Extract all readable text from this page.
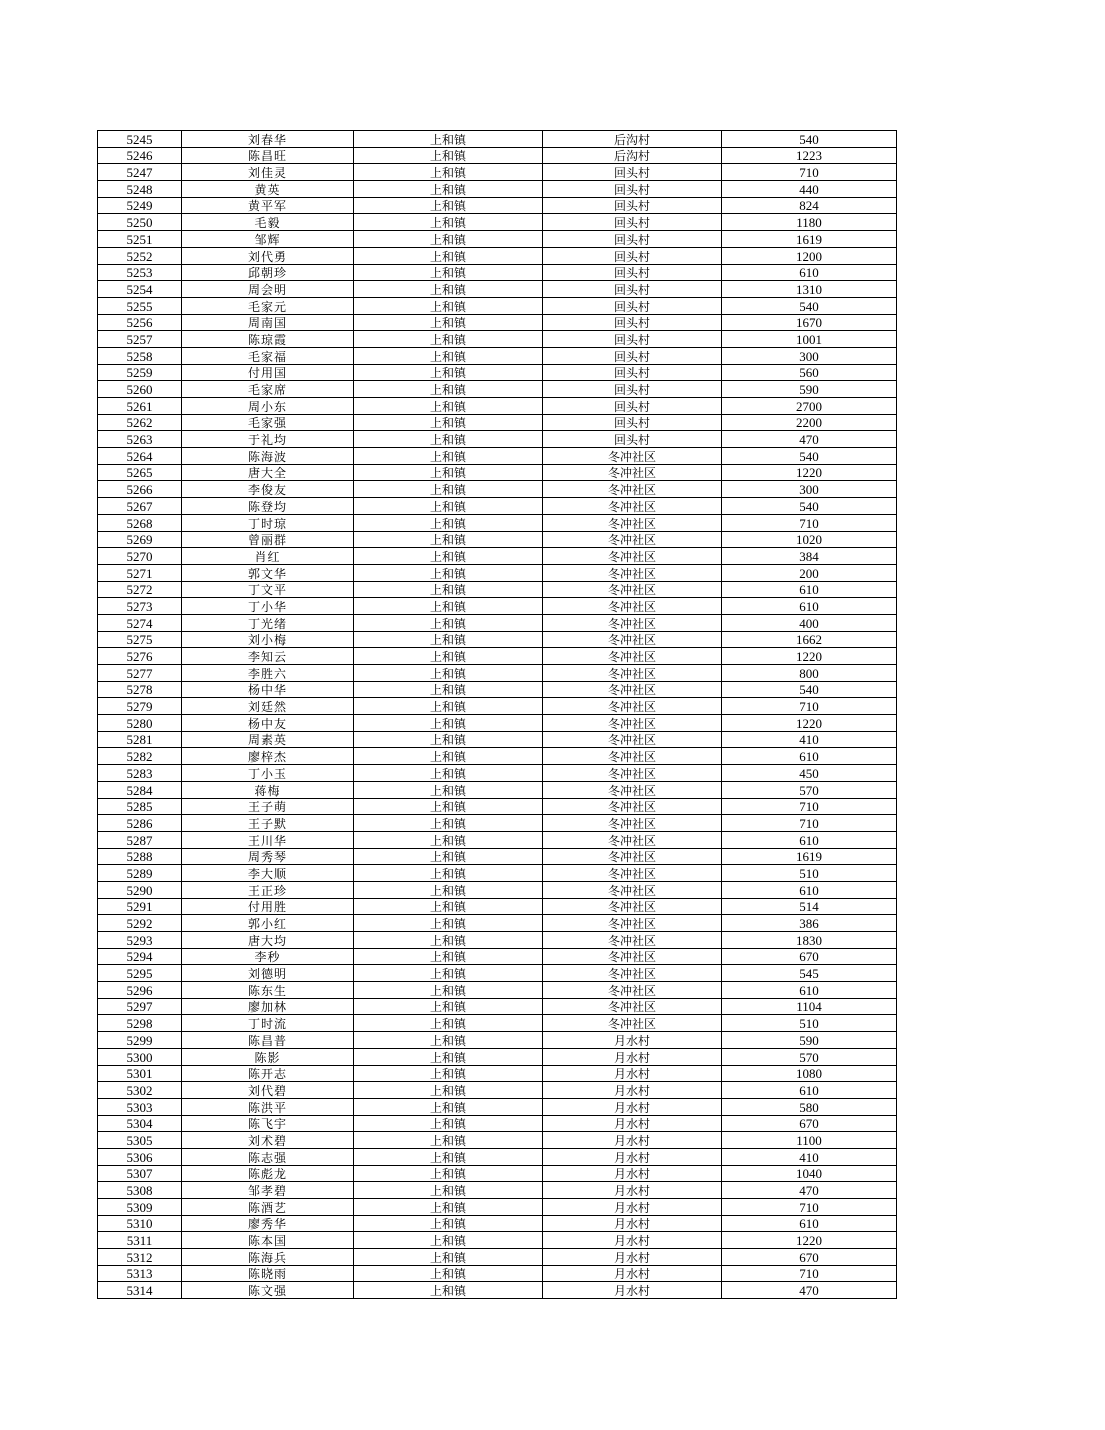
5245	刘春华	上和镇	后沟村	540
5246	陈昌旺	上和镇	后沟村	1223
5247	刘佳灵	上和镇	回头村	710
5248	黄英	上和镇	回头村	440
5249	黄平军	上和镇	回头村	824
5250	毛毅	上和镇	回头村	1180
5251	邹辉	上和镇	回头村	1619
5252	刘代勇	上和镇	回头村	1200
5253	邱朝珍	上和镇	回头村	610
5254	周会明	上和镇	回头村	1310
5255	毛家元	上和镇	回头村	540
5256	周南国	上和镇	回头村	1670
5257	陈琼霞	上和镇	回头村	1001
5258	毛家福	上和镇	回头村	300
5259	付用国	上和镇	回头村	560
5260	毛家席	上和镇	回头村	590
5261	周小东	上和镇	回头村	2700
5262	毛家强	上和镇	回头村	2200
5263	于礼均	上和镇	回头村	470
5264	陈海波	上和镇	冬冲社区	540
5265	唐大全	上和镇	冬冲社区	1220
5266	李俊友	上和镇	冬冲社区	300
5267	陈登均	上和镇	冬冲社区	540
5268	丁时琼	上和镇	冬冲社区	710
5269	曾丽群	上和镇	冬冲社区	1020
5270	肖红	上和镇	冬冲社区	384
5271	郭文华	上和镇	冬冲社区	200
5272	丁文平	上和镇	冬冲社区	610
5273	丁小华	上和镇	冬冲社区	610
5274	丁光绪	上和镇	冬冲社区	400
5275	刘小梅	上和镇	冬冲社区	1662
5276	李知云	上和镇	冬冲社区	1220
5277	李胜六	上和镇	冬冲社区	800
5278	杨中华	上和镇	冬冲社区	540
5279	刘廷然	上和镇	冬冲社区	710
5280	杨中友	上和镇	冬冲社区	1220
5281	周素英	上和镇	冬冲社区	410
5282	廖梓杰	上和镇	冬冲社区	610
5283	丁小玉	上和镇	冬冲社区	450
5284	蒋梅	上和镇	冬冲社区	570
5285	王子萌	上和镇	冬冲社区	710
5286	王子默	上和镇	冬冲社区	710
5287	王川华	上和镇	冬冲社区	610
5288	周秀琴	上和镇	冬冲社区	1619
5289	李大顺	上和镇	冬冲社区	510
5290	王正珍	上和镇	冬冲社区	610
5291	付用胜	上和镇	冬冲社区	514
5292	郭小红	上和镇	冬冲社区	386
5293	唐大均	上和镇	冬冲社区	1830
5294	李秒	上和镇	冬冲社区	670
5295	刘德明	上和镇	冬冲社区	545
5296	陈东生	上和镇	冬冲社区	610
5297	廖加林	上和镇	冬冲社区	1104
5298	丁时流	上和镇	冬冲社区	510
5299	陈昌普	上和镇	月水村	590
5300	陈影	上和镇	月水村	570
5301	陈开志	上和镇	月水村	1080
5302	刘代碧	上和镇	月水村	610
5303	陈洪平	上和镇	月水村	580
5304	陈飞宇	上和镇	月水村	670
5305	刘术碧	上和镇	月水村	1100
5306	陈志强	上和镇	月水村	410
5307	陈彪龙	上和镇	月水村	1040
5308	邹孝碧	上和镇	月水村	470
5309	陈酒艺	上和镇	月水村	710
5310	廖秀华	上和镇	月水村	610
5311	陈本国	上和镇	月水村	1220
5312	陈海兵	上和镇	月水村	670
5313	陈晓雨	上和镇	月水村	710
5314	陈文强	上和镇	月水村	470
